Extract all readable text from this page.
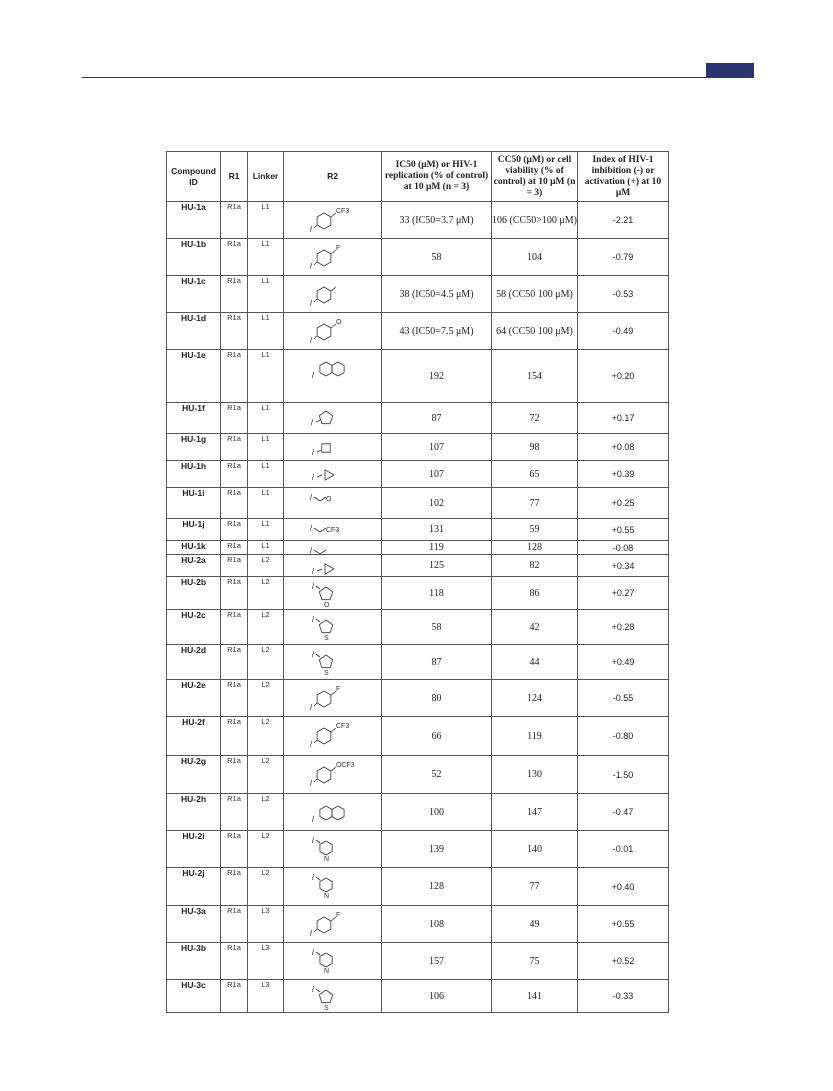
Compound ID	R1	Linker	R2	IC50 (μM) or HIV-1 replication (% of control) at 10 μM (n = 3)	CC50 (μM) or cell viability (% of control) at 10 μM (n = 3)	Index of HIV-1 inhibition (-) or activation (+) at 10 μM
HU-1a	R1a	L1	CF3	33 (IC50=3.7 μM)	106 (CC50>100 μM)	-2.21
HU-1b	R1a	L1	F	58	104	-0.79
HU-1c	R1a	L1		38 (IC50=4.5 μM)	58 (CC50 100 μM)	-0.53
HU-1d	R1a	L1	O	43 (IC50=7.5 μM)	64 (CC50 100 μM)	-0.49
HU-1e	R1a	L1		192	154	+0.20
HU-1f	R1a	L1		87	72	+0.17
HU-1g	R1a	L1		107	98	+0.08
HU-1h	R1a	L1		107	65	+0.39
HU-1i	R1a	L1	O	102	77	+0.25
HU-1j	R1a	L1	CF3	131	59	+0.55
HU-1k	R1a	L1		119	128	-0.08
HU-2a	R1a	L2		125	82	+0.34
HU-2b	R1a	L2	O	118	86	+0.27
HU-2c	R1a	L2	S	58	42	+0.28
HU-2d	R1a	L2	S	87	44	+0.49
HU-2e	R1a	L2	F	80	124	-0.55
HU-2f	R1a	L2	CF3	66	119	-0.80
HU-2g	R1a	L2	OCF3	52	130	-1.50
HU-2h	R1a	L2		100	147	-0.47
HU-2i	R1a	L2	N	139	140	-0.01
HU-2j	R1a	L2	N	128	77	+0.40
HU-3a	R1a	L3	F	108	49	+0.55
HU-3b	R1a	L3	N	157	75	+0.52
HU-3c	R1a	L3	S	106	141	-0.33
